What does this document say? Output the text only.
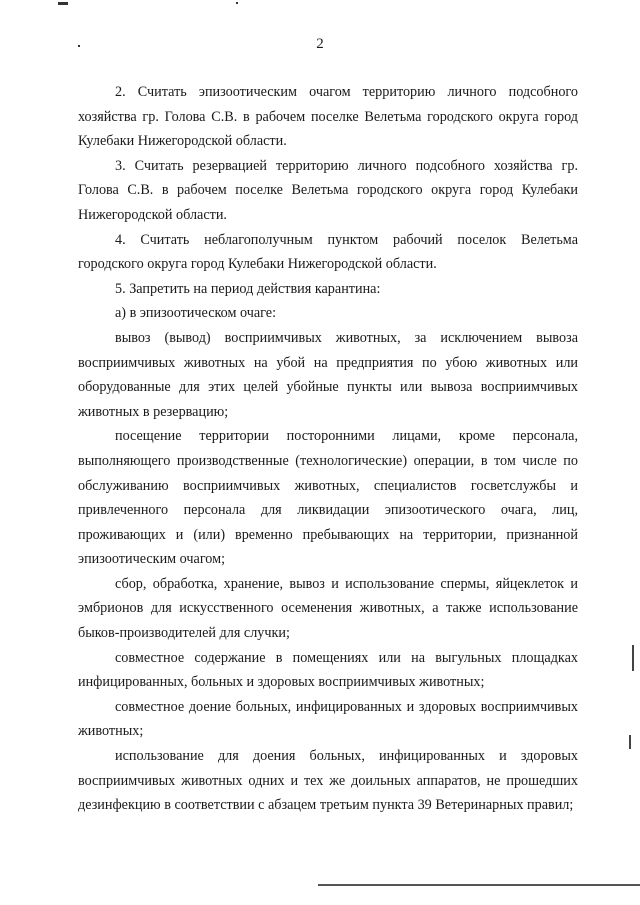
2

2. Считать эпизоотическим очагом территорию личного подсобного хозяйства гр. Голова С.В. в рабочем поселке Велетьма городского округа город Кулебаки Нижегородской области.

3. Считать резервацией территорию личного подсобного хозяйства гр. Голова С.В. в рабочем поселке Велетьма городского округа город Кулебаки Нижегородской области.

4. Считать неблагополучным пунктом рабочий поселок Велетьма городского округа город Кулебаки Нижегородской области.

5. Запретить на период действия карантина:

а) в эпизоотическом очаге:

вывоз (вывод) восприимчивых животных, за исключением вывоза восприимчивых животных на убой на предприятия по убою животных или оборудованные для этих целей убойные пункты или вывоза восприимчивых животных в резервацию;

посещение территории посторонними лицами, кроме персонала, выполняющего производственные (технологические) операции, в том числе по обслуживанию восприимчивых животных, специалистов госветслужбы и привлеченного персонала для ликвидации эпизоотического очага, лиц, проживающих и (или) временно пребывающих на территории, признанной эпизоотическим очагом;

сбор, обработка, хранение, вывоз и использование спермы, яйцеклеток и эмбрионов для искусственного осеменения животных, а также использование быков-производителей для случки;

совместное содержание в помещениях или на выгульных площадках инфицированных, больных и здоровых восприимчивых животных;

совместное доение больных, инфицированных и здоровых восприимчивых животных;

использование для доения больных, инфицированных и здоровых восприимчивых животных одних и тех же доильных аппаратов, не прошедших дезинфекцию в соответствии с абзацем третьим пункта 39 Ветеринарных правил;
